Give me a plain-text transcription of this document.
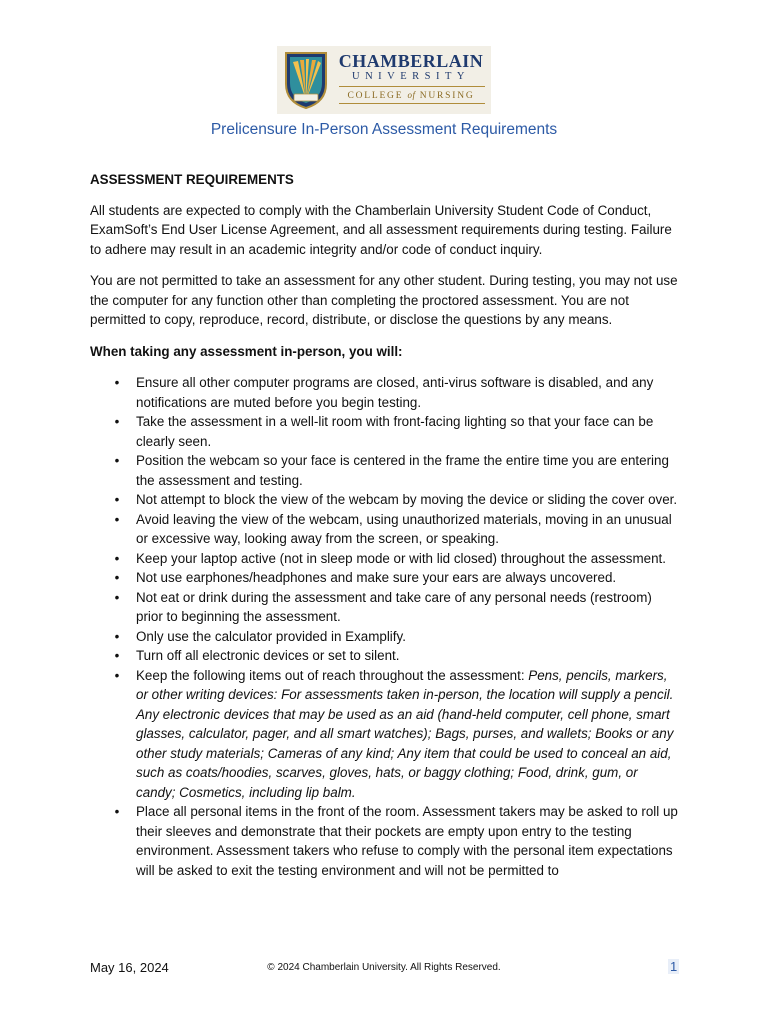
CHAMBERLAIN
UNIVERSITY
COLLEGE of NURSING
Prelicensure In-Person Assessment Requirements

ASSESSMENT REQUIREMENTS

All students are expected to comply with the Chamberlain University Student Code of Conduct, ExamSoft’s End User License Agreement, and all assessment requirements during testing. Failure to adhere may result in an academic integrity and/or code of conduct inquiry.

You are not permitted to take an assessment for any other student. During testing, you may not use the computer for any function other than completing the proctored assessment. You are not permitted to copy, reproduce, record, distribute, or disclose the questions by any means.

When taking any assessment in-person, you will:

• Ensure all other computer programs are closed, anti-virus software is disabled, and any notifications are muted before you begin testing.
• Take the assessment in a well-lit room with front-facing lighting so that your face can be clearly seen.
• Position the webcam so your face is centered in the frame the entire time you are entering the assessment and testing.
• Not attempt to block the view of the webcam by moving the device or sliding the cover over.
• Avoid leaving the view of the webcam, using unauthorized materials, moving in an unusual or excessive way, looking away from the screen, or speaking.
• Keep your laptop active (not in sleep mode or with lid closed) throughout the assessment.
• Not use earphones/headphones and make sure your ears are always uncovered.
• Not eat or drink during the assessment and take care of any personal needs (restroom) prior to beginning the assessment.
• Only use the calculator provided in Examplify.
• Turn off all electronic devices or set to silent.
• Keep the following items out of reach throughout the assessment: Pens, pencils, markers, or other writing devices: For assessments taken in-person, the location will supply a pencil. Any electronic devices that may be used as an aid (hand-held computer, cell phone, smart glasses, calculator, pager, and all smart watches); Bags, purses, and wallets; Books or any other study materials; Cameras of any kind; Any item that could be used to conceal an aid, such as coats/hoodies, scarves, gloves, hats, or baggy clothing; Food, drink, gum, or candy; Cosmetics, including lip balm.
• Place all personal items in the front of the room. Assessment takers may be asked to roll up their sleeves and demonstrate that their pockets are empty upon entry to the testing environment. Assessment takers who refuse to comply with the personal item expectations will be asked to exit the testing environment and will not be permitted to
May 16, 2024	© 2024 Chamberlain University. All Rights Reserved.	1
